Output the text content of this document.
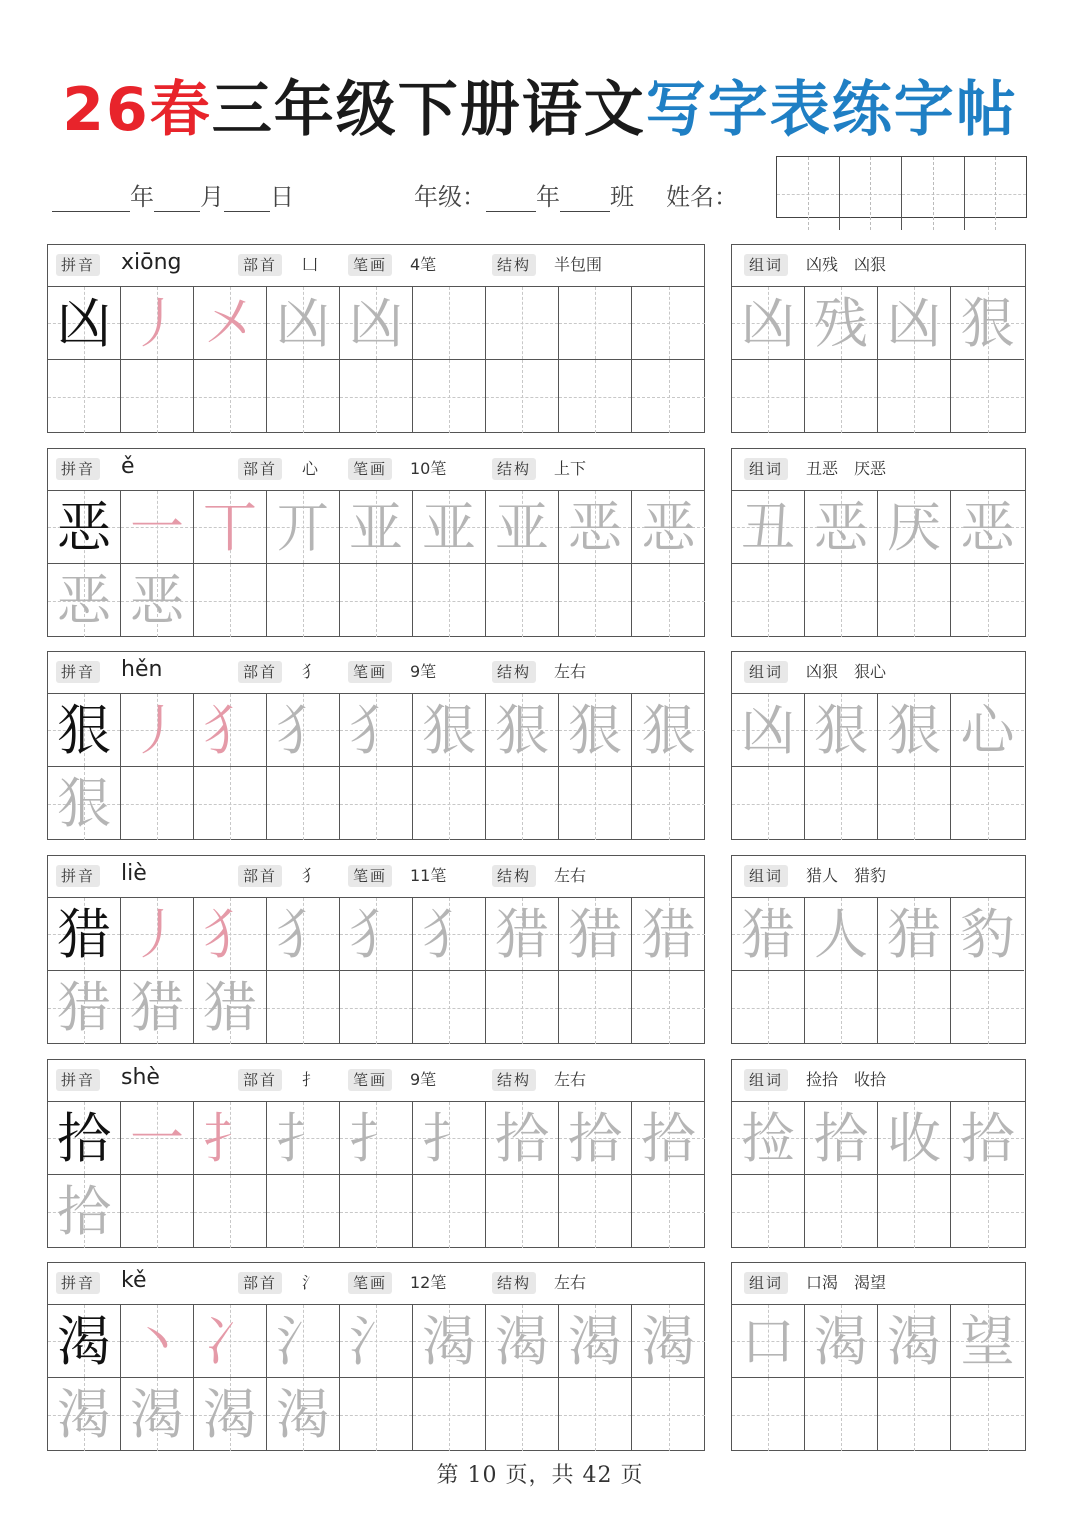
26春三年级下册语文写字表练字帖
年 月 日	年级： 年 班 姓名：
拼音 xiōng	部首	凵	笔画	4笔	结构	半包围
凶 丿 㐅 凶 凶
组词	凶残　凶狠
凶 残 凶 狠
拼音 ě	部首	心	笔画	10笔	结构	上下
恶 一 丅 丌 亚 亚 亚 恶 恶
恶 恶
组词	丑恶　厌恶
丑 恶 厌 恶
拼音 hěn	部首	犭	笔画	9笔	结构	左右
狠 丿 犭 犭 犭 狠 狠 狠 狠
狠
组词	凶狠　狠心
凶 狠 狠 心
拼音 liè	部首	犭	笔画	11笔	结构	左右
猎 丿 犭 犭 犭 犭 猎 猎 猎
猎 猎 猎
组词	猎人　猎豹
猎 人 猎 豹
拼音 shè	部首	扌	笔画	9笔	结构	左右
拾 一 扌 扌 扌 扌 拾 拾 拾
拾
组词	捡拾　收拾
捡 拾 收 拾
拼音 kě	部首	氵	笔画	12笔	结构	左右
渴 丶 冫 氵 氵 渴 渴 渴 渴
渴 渴 渴 渴
组词	口渴　渴望
口 渴 渴 望
第 10 页，共 42 页
